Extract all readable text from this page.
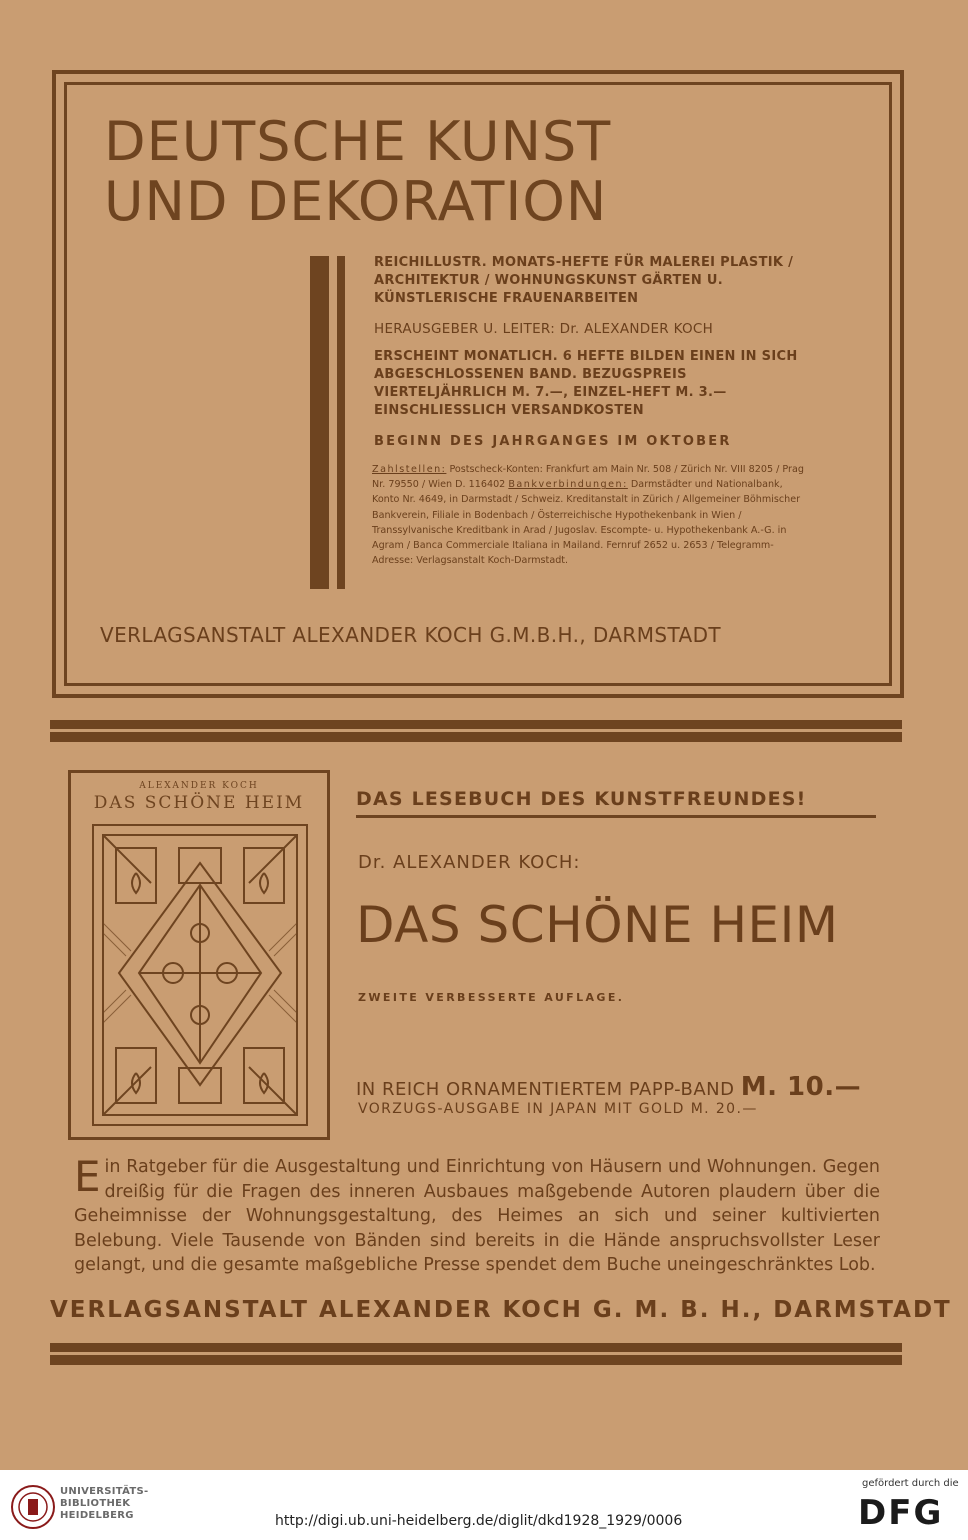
DEUTSCHE KUNST
UND DEKORATION

REICHILLUSTR. MONATS-HEFTE FÜR MALEREI PLASTIK / ARCHITEKTUR / WOHNUNGSKUNST GÄRTEN U. KÜNSTLERISCHE FRAUENARBEITEN

HERAUSGEBER U. LEITER: Dr. ALEXANDER KOCH

ERSCHEINT MONATLICH. 6 HEFTE BILDEN EINEN IN SICH ABGESCHLOSSENEN BAND. BEZUGSPREIS VIERTELJÄHRLICH M. 7.—, EINZEL-HEFT M. 3.— EINSCHLIESSLICH VERSANDKOSTEN

BEGINN DES JAHRGANGES IM OKTOBER

Zahlstellen: Postscheck-Konten: Frankfurt am Main Nr. 508 / Zürich Nr. VIII 8205 / Prag Nr. 79550 / Wien D. 116402 Bankverbindungen: Darmstädter und Nationalbank, Konto Nr. 4649, in Darmstadt / Schweiz. Kreditanstalt in Zürich / Allgemeiner Böhmischer Bankverein, Filiale in Bodenbach / Österreichische Hypothekenbank in Wien / Transsylvanische Kreditbank in Arad / Jugoslav. Escompte- u. Hypothekenbank A.-G. in Agram / Banca Commerciale Italiana in Mailand. Fernruf 2652 u. 2653 / Telegramm-Adresse: Verlagsanstalt Koch-Darmstadt.

VERLAGSANSTALT ALEXANDER KOCH G.M.B.H., DARMSTADT

ALEXANDER KOCH
DAS SCHÖNE HEIM	DAS LESEBUCH DES KUNSTFREUNDES!

Dr. ALEXANDER KOCH:
DAS SCHÖNE HEIM
ZWEITE VERBESSERTE AUFLAGE.
IN REICH ORNAMENTIERTEM PAPP-BAND M. 10.—
VORZUGS-AUSGABE IN JAPAN MIT GOLD M. 20.—

Ein Ratgeber für die Ausgestaltung und Einrichtung von Häusern und Wohnungen. Gegen dreißig für die Fragen des inneren Ausbaues maßgebende Autoren plaudern über die Geheimnisse der Wohnungsgestaltung, des Heimes an sich und seiner kultivierten Belebung. Viele Tausende von Bänden sind bereits in die Hände anspruchsvollster Leser gelangt, und die gesamte maßgebliche Presse spendet dem Buche uneingeschränktes Lob.

VERLAGSANSTALT ALEXANDER KOCH G. M. B. H., DARMSTADT

UNIVERSITÄTS-
BIBLIOTHEK
HEIDELBERG	http://digi.ub.uni-heidelberg.de/diglit/dkd1928_1929/0006
gefördert durch die
DFG
